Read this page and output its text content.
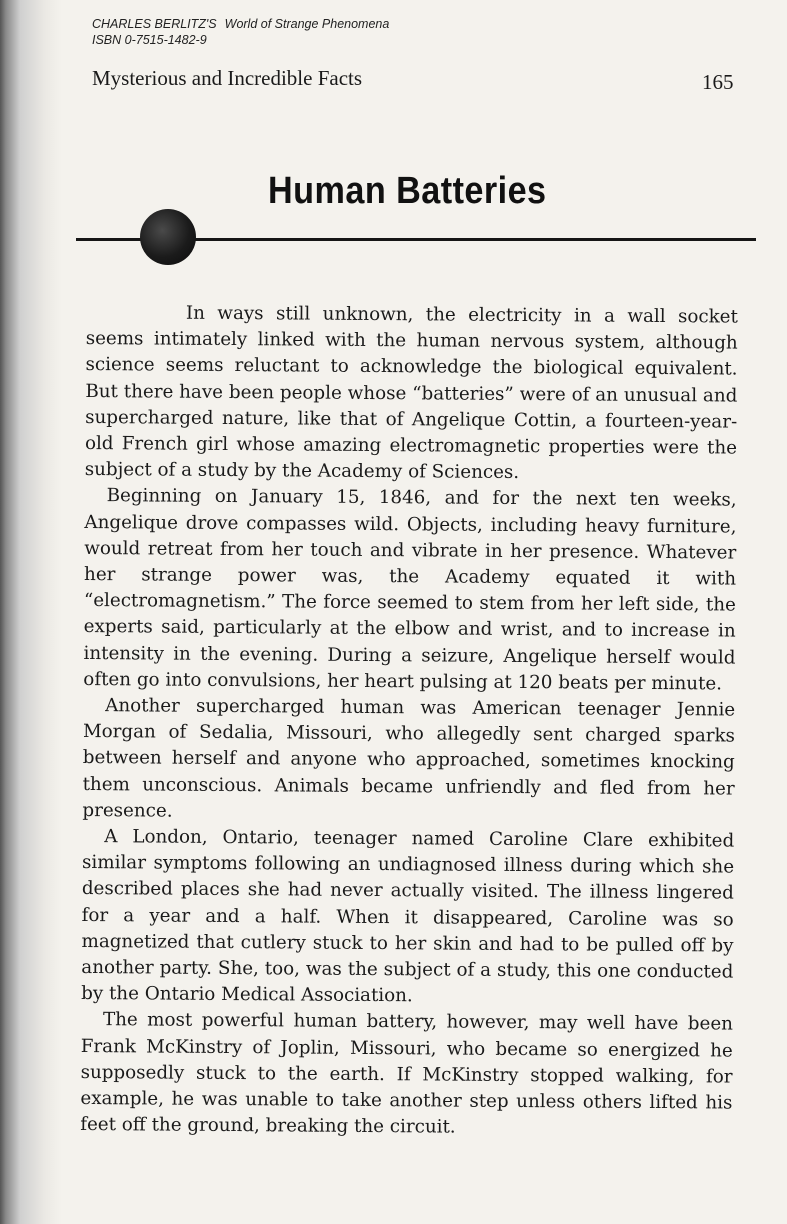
CHARLES BERLITZ'S World of Strange Phenomena
ISBN 0-7515-1482-9
Mysterious and Incredible Facts	165
Human Batteries

In ways still unknown, the electricity in a wall socket seems intimately linked with the human nervous system, although science seems reluctant to acknowledge the biological equivalent. But there have been people whose “batteries” were of an unusual and supercharged nature, like that of Angelique Cottin, a fourteen-year-old French girl whose amazing electromagnetic properties were the subject of a study by the Academy of Sciences.

Beginning on January 15, 1846, and for the next ten weeks, Angelique drove compasses wild. Objects, including heavy furniture, would retreat from her touch and vibrate in her presence. Whatever her strange power was, the Academy equated it with “electromagnetism.” The force seemed to stem from her left side, the experts said, particularly at the elbow and wrist, and to increase in intensity in the evening. During a seizure, Angelique herself would often go into convulsions, her heart pulsing at 120 beats per minute.

Another supercharged human was American teenager Jennie Morgan of Sedalia, Missouri, who allegedly sent charged sparks between herself and anyone who approached, sometimes knocking them unconscious. Animals became unfriendly and fled from her presence.

A London, Ontario, teenager named Caroline Clare exhibited similar symptoms following an undiagnosed illness during which she described places she had never actually visited. The illness lingered for a year and a half. When it disappeared, Caroline was so magnetized that cutlery stuck to her skin and had to be pulled off by another party. She, too, was the subject of a study, this one conducted by the Ontario Medical Association.

The most powerful human battery, however, may well have been Frank McKinstry of Joplin, Missouri, who became so energized he supposedly stuck to the earth. If McKinstry stopped walking, for example, he was unable to take another step unless others lifted his feet off the ground, breaking the circuit.
